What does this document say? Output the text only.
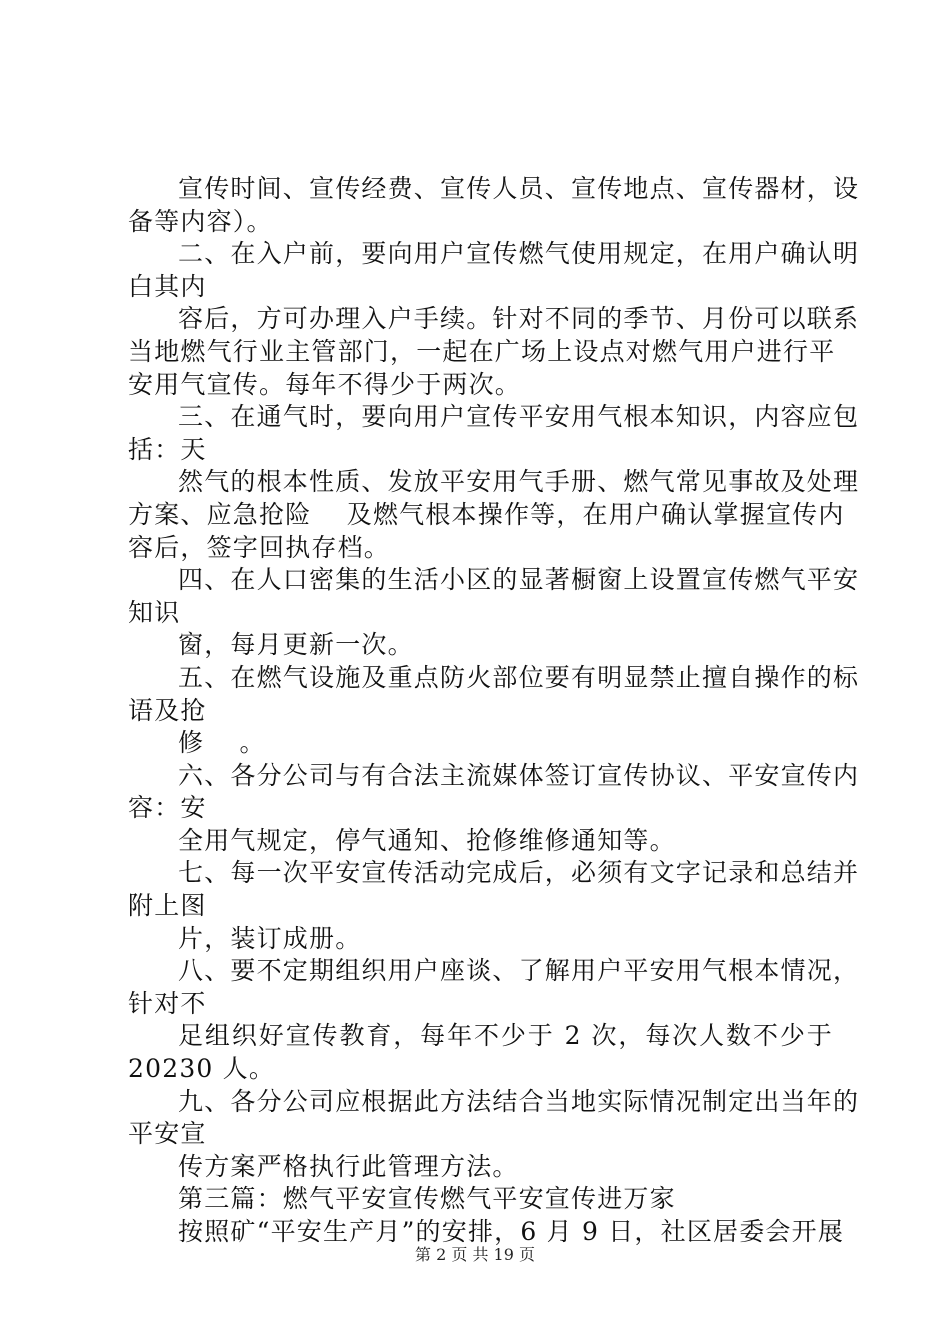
宣传时间、宣传经费、宣传人员、宣传地点、宣传器材，设
备等内容）。
二、在入户前，要向用户宣传燃气使用规定，在用户确认明
白其内
容后，方可办理入户手续。针对不同的季节、月份可以联系
当地燃气行业主管部门，一起在广场上设点对燃气用户进行平
安用气宣传。每年不得少于两次。
三、在通气时，要向用户宣传平安用气根本知识，内容应包
括：天
然气的根本性质、发放平安用气手册、燃气常见事故及处理
方案、应急抢险　 及燃气根本操作等，在用户确认掌握宣传内
容后，签字回执存档。
四、在人口密集的生活小区的显著橱窗上设置宣传燃气平安
知识
窗，每月更新一次。
五、在燃气设施及重点防火部位要有明显禁止擅自操作的标
语及抢
修　 。
六、各分公司与有合法主流媒体签订宣传协议、平安宣传内
容：安
全用气规定，停气通知、抢修维修通知等。
七、每一次平安宣传活动完成后，必须有文字记录和总结并
附上图
片，装订成册。
八、要不定期组织用户座谈、了解用户平安用气根本情况，
针对不
足组织好宣传教育，每年不少于 2 次，每次人数不少于
20230 人。
九、各分公司应根据此方法结合当地实际情况制定出当年的
平安宣
传方案严格执行此管理方法。
第三篇：燃气平安宣传燃气平安宣传进万家
按照矿“平安生产月”的安排，6 月 9 日，社区居委会开展
第 2 页 共 19 页
